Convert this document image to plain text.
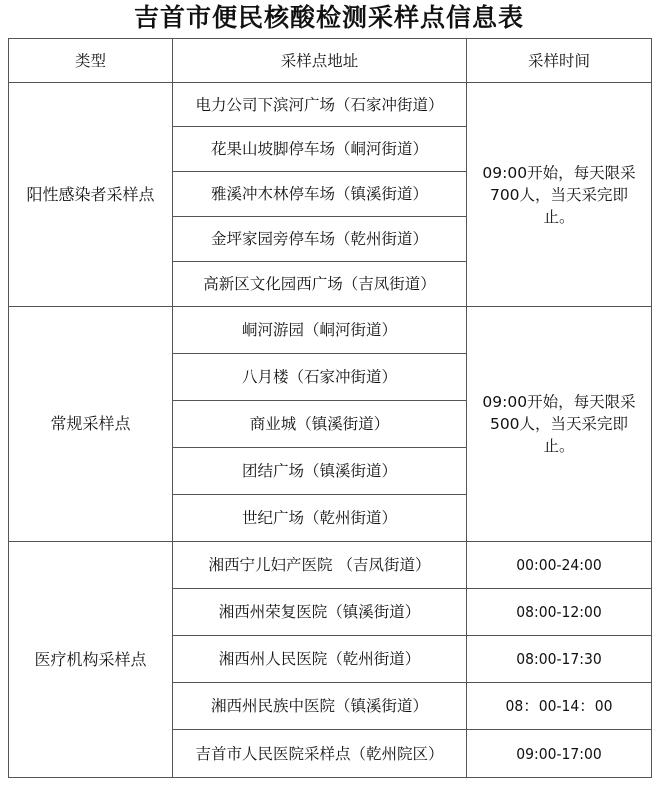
吉首市便民核酸检测采样点信息表
类型	采样点地址	采样时间
阳性感染者采样点	电力公司下滨河广场（石家冲街道）	09:00开始，每天限采700人，当天采完即止。
	花果山坡脚停车场（峒河街道）	
	雅溪冲木林停车场（镇溪街道）	
	金坪家园旁停车场（乾州街道）	
	高新区文化园西广场（吉凤街道）	
常规采样点	峒河游园（峒河街道）	09:00开始，每天限采500人，当天采完即止。
	八月楼（石家冲街道）	
	商业城（镇溪街道）	
	团结广场（镇溪街道）	
	世纪广场（乾州街道）	
医疗机构采样点	湘西宁儿妇产医院 （吉凤街道）	00:00-24:00
	湘西州荣复医院（镇溪街道）	08:00-12:00
	湘西州人民医院（乾州街道）	08:00-17:30
	湘西州民族中医院（镇溪街道）	08：00-14：00
	吉首市人民医院采样点（乾州院区）	09:00-17:00
